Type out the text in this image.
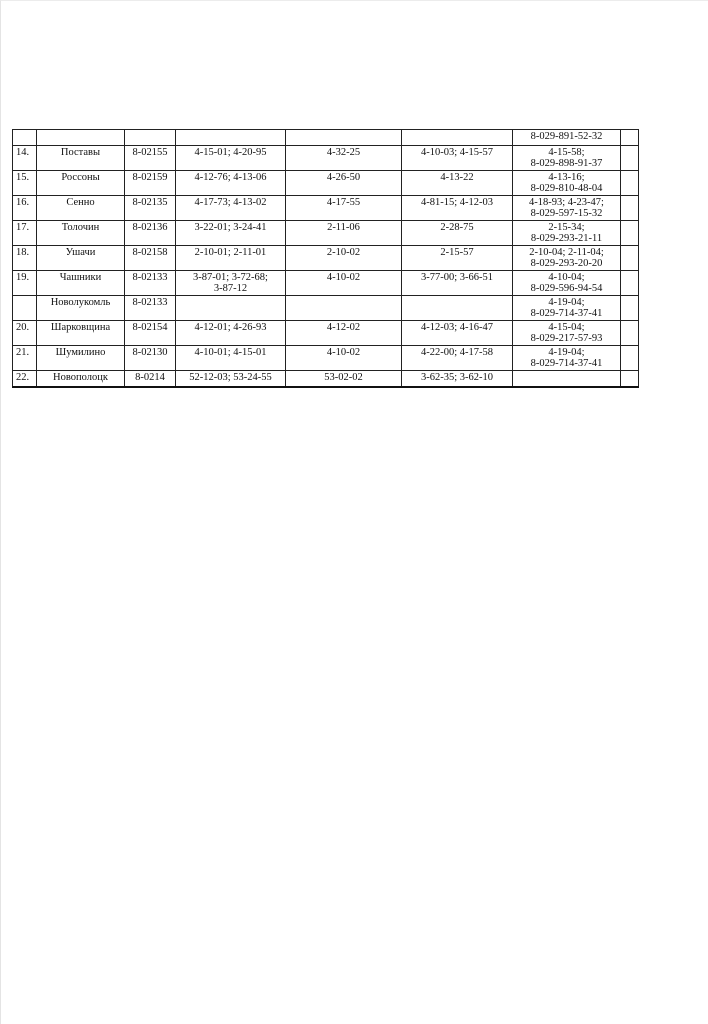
						8-029-891-52-32	

14.	Поставы	8-02155	4-15-01; 4-20-95	4-32-25	4-10-03; 4-15-57	4-15-58;
8-029-898-91-37	

15.	Россоны	8-02159	4-12-76; 4-13-06	4-26-50	4-13-22	4-13-16;
8-029-810-48-04	

16.	Сенно	8-02135	4-17-73; 4-13-02	4-17-55	4-81-15; 4-12-03	4-18-93; 4-23-47;
8-029-597-15-32	

17.	Толочин	8-02136	3-22-01; 3-24-41	2-11-06	2-28-75	2-15-34;
8-029-293-21-11	

18.	Ушачи	8-02158	2-10-01; 2-11-01	2-10-02	2-15-57	2-10-04; 2-11-04;
8-029-293-20-20	

19.	Чашники	8-02133	3-87-01; 3-72-68;
3-87-12	4-10-02	3-77-00; 3-66-51	4-10-04;
8-029-596-94-54	

	Новолукомль	8-02133				4-19-04;
8-029-714-37-41	

20.	Шарковщина	8-02154	4-12-01; 4-26-93	4-12-02	4-12-03; 4-16-47	4-15-04;
8-029-217-57-93	

21.	Шумилино	8-02130	4-10-01; 4-15-01	4-10-02	4-22-00; 4-17-58	4-19-04;
8-029-714-37-41	

22.	Новополоцк	8-0214	52-12-03; 53-24-55	53-02-02	3-62-35; 3-62-10		
